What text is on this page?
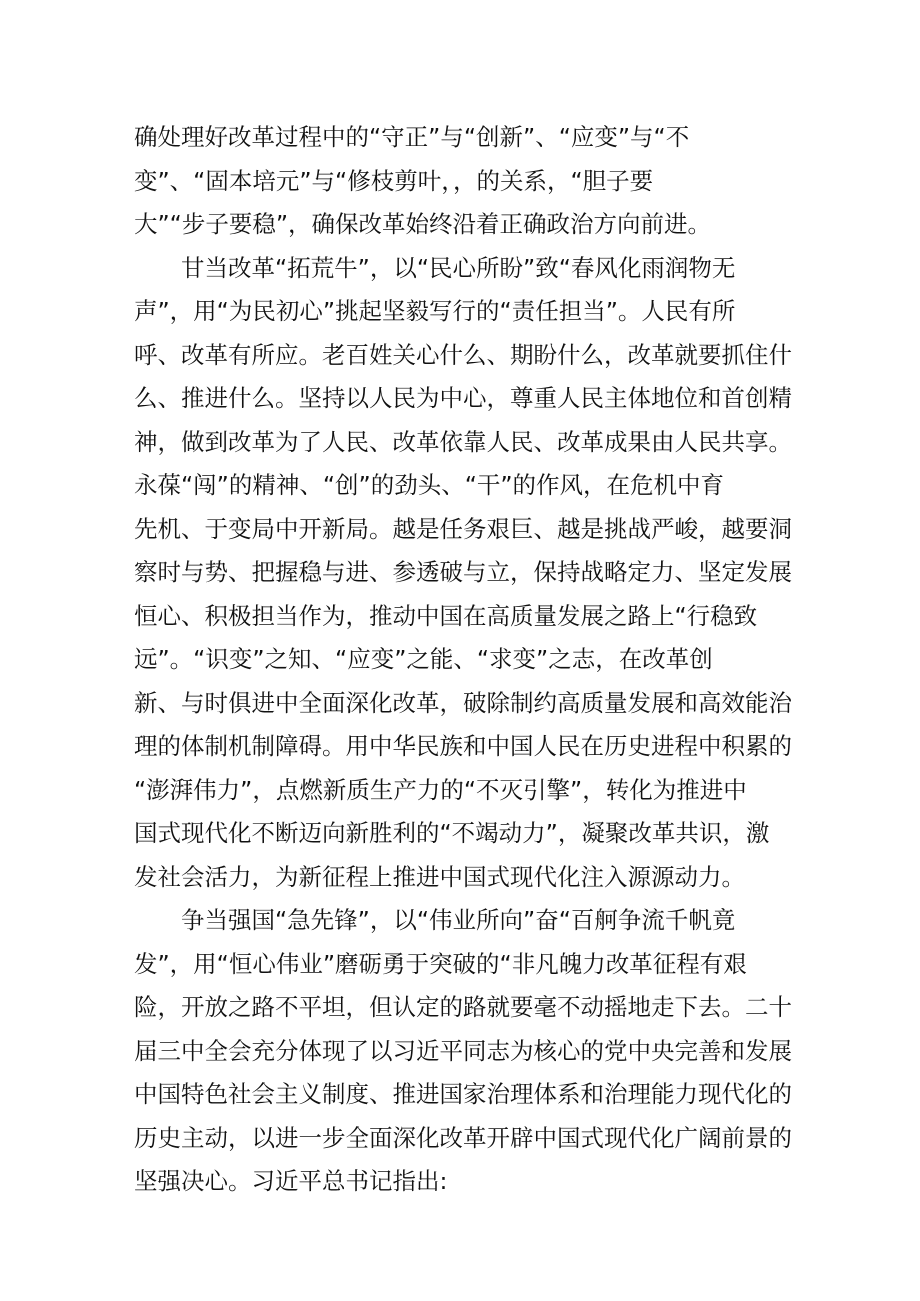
确处理好改革过程中的“守正”与“创新”、“应变”与“不
变”、“固本培元”与“修枝剪叶，，的关系，“胆子要
大”“步子要稳”，确保改革始终沿着正确政治方向前进。
　　甘当改革“拓荒牛”，以“民心所盼”致“春风化雨润物无
声”，用“为民初心”挑起坚毅写行的“责任担当”。人民有所
呼、改革有所应。老百姓关心什么、期盼什么，改革就要抓住什
么、推进什么。坚持以人民为中心，尊重人民主体地位和首创精
神，做到改革为了人民、改革依靠人民、改革成果由人民共享。
永葆“闯”的精神、“创”的劲头、“干”的作风，在危机中育
先机、于变局中开新局。越是任务艰巨、越是挑战严峻，越要洞
察时与势、把握稳与进、参透破与立，保持战略定力、坚定发展
恒心、积极担当作为，推动中国在高质量发展之路上“行稳致
远”。“识变”之知、“应变”之能、“求变”之志，在改革创
新、与时俱进中全面深化改革，破除制约高质量发展和高效能治
理的体制机制障碍。用中华民族和中国人民在历史进程中积累的
“澎湃伟力”，点燃新质生产力的“不灭引擎”，转化为推进中
国式现代化不断迈向新胜利的“不竭动力”，凝聚改革共识，激
发社会活力，为新征程上推进中国式现代化注入源源动力。
　　争当强国“急先锋”，以“伟业所向”奋“百舸争流千帆竟
发”，用“恒心伟业”磨砺勇于突破的“非凡魄力改革征程有艰
险，开放之路不平坦，但认定的路就要毫不动摇地走下去。二十
届三中全会充分体现了以习近平同志为核心的党中央完善和发展
中国特色社会主义制度、推进国家治理体系和治理能力现代化的
历史主动，以进一步全面深化改革开辟中国式现代化广阔前景的
坚强决心。习近平总书记指出:
